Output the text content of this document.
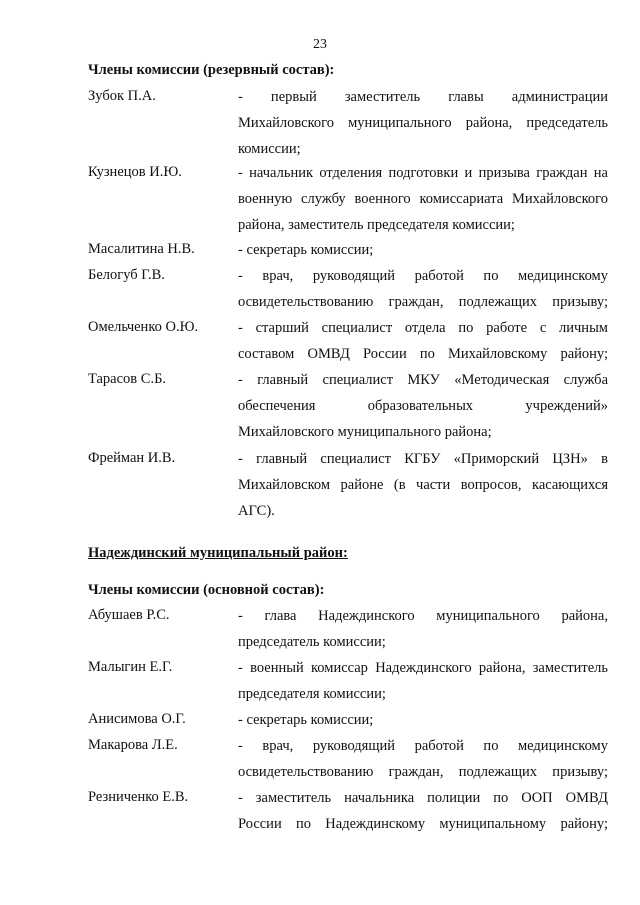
23
Члены комиссии (резервный состав):
Надеждинский муниципальный район:
Члены комиссии (основной состав):
Зубок П.А.	- первый заместитель главы администрации
Михайловского муниципального района, председатель
комиссии;
Кузнецов И.Ю.	- начальник отделения подготовки и призыва граждан на
военную службу военного комиссариата Михайловского
района, заместитель председателя комиссии;
Масалитина Н.В.	- секретарь комиссии;
Белогуб Г.В.	- врач, руководящий работой по медицинскому
освидетельствованию граждан, подлежащих призыву;
Омельченко О.Ю.	- старший специалист отдела по работе с личным
составом ОМВД России по Михайловскому району;
Тарасов С.Б.	- главный специалист МКУ «Методическая служба
обеспечения образовательных учреждений»
Михайловского муниципального района;
Фрейман И.В.	- главный специалист КГБУ «Приморский ЦЗН» в
Михайловском районе (в части вопросов, касающихся
АГС).
Абушаев Р.С.	- глава Надеждинского муниципального района,
председатель комиссии;
Малыгин Е.Г.	- военный комиссар Надеждинского района, заместитель
председателя комиссии;
Анисимова О.Г.	- секретарь комиссии;
Макарова Л.Е.	- врач, руководящий работой по медицинскому
освидетельствованию граждан, подлежащих призыву;
Резниченко Е.В.	- заместитель начальника полиции по ООП ОМВД
России по Надеждинскому муниципальному району;
